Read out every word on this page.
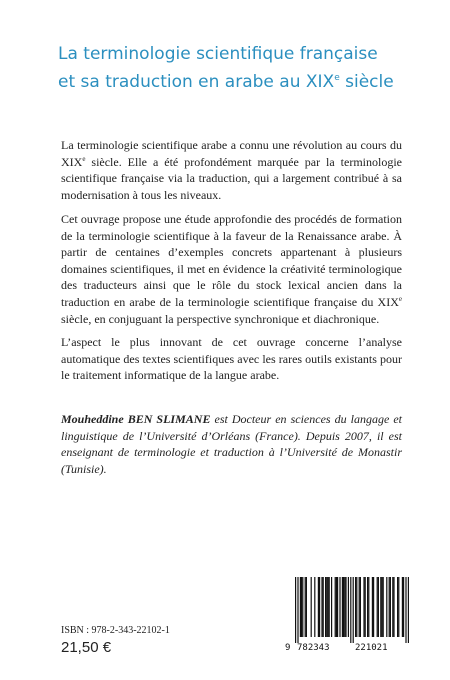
La terminologie scientifique française
et sa traduction en arabe au XIXe siècle

La terminologie scientifique arabe a connu une révolution au cours du XIXe siècle. Elle a été profondément marquée par la terminologie scientifique française via la traduction, qui a largement contribué à sa modernisation à tous les niveaux.

Cet ouvrage propose une étude approfondie des procédés de formation de la terminologie scientifique à la faveur de la Renaissance arabe. À partir de centaines d’exemples concrets appartenant à plusieurs domaines scientifiques, il met en évidence la créativité terminologique des traducteurs ainsi que le rôle du stock lexical ancien dans la traduction en arabe de la terminologie scientifique française du XIXe siècle, en conjuguant la perspective synchronique et diachronique.

L’aspect le plus innovant de cet ouvrage concerne l’analyse automatique des textes scientifiques avec les rares outils existants pour le traitement informatique de la langue arabe.

Mouheddine BEN SLIMANE est Docteur en sciences du langage et linguistique de l’Université d’Orléans (France). Depuis 2007, il est enseignant de terminologie et traduction à l’Université de Monastir (Tunisie).

ISBN : 978-2-343-22102-1
21,50 €	9 782343	221021
